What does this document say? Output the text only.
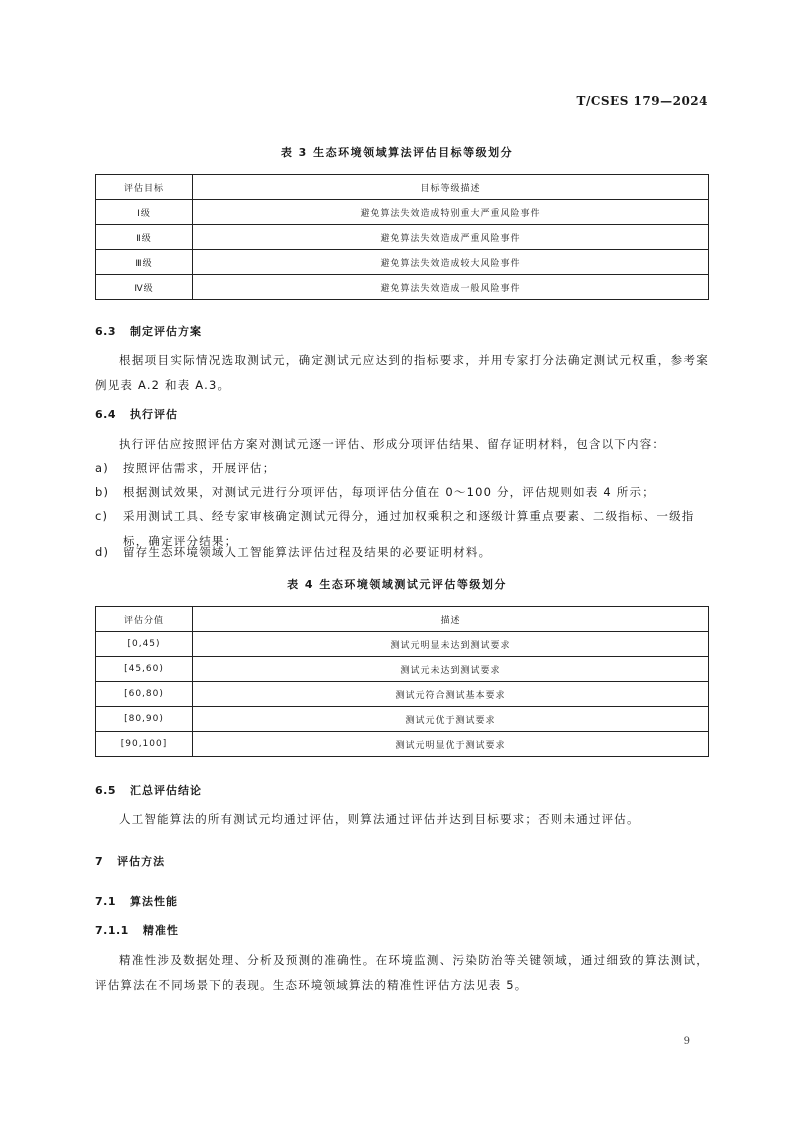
T/CSES 179—2024
表 3 生态环境领域算法评估目标等级划分
评估目标	目标等级描述
Ⅰ级	避免算法失效造成特别重大严重风险事件
Ⅱ级	避免算法失效造成严重风险事件
Ⅲ级	避免算法失效造成较大风险事件
Ⅳ级	避免算法失效造成一般风险事件
6.3 制定评估方案
根据项目实际情况选取测试元，确定测试元应达到的指标要求，并用专家打分法确定测试元权重，参考案例见表 A.2 和表 A.3。
6.4 执行评估
执行评估应按照评估方案对测试元逐一评估、形成分项评估结果、留存证明材料，包含以下内容：
a) 按照评估需求，开展评估；
b) 根据测试效果，对测试元进行分项评估，每项评估分值在 0～100 分，评估规则如表 4 所示；
c)	采用测试工具、经专家审核确定测试元得分，通过加权乘积之和逐级计算重点要素、二级指标、一级指标，确定评分结果；
d) 留存生态环境领域人工智能算法评估过程及结果的必要证明材料。
表 4 生态环境领域测试元评估等级划分
评估分值	描述
[0,45)	测试元明显未达到测试要求
[45,60)	测试元未达到测试要求
[60,80)	测试元符合测试基本要求
[80,90)	测试元优于测试要求
[90,100]	测试元明显优于测试要求
6.5 汇总评估结论
人工智能算法的所有测试元均通过评估，则算法通过评估并达到目标要求；否则未通过评估。
7 评估方法
7.1 算法性能
7.1.1 精准性
精准性涉及数据处理、分析及预测的准确性。在环境监测、污染防治等关键领域，通过细致的算法测试，评估算法在不同场景下的表现。生态环境领域算法的精准性评估方法见表 5。
9
